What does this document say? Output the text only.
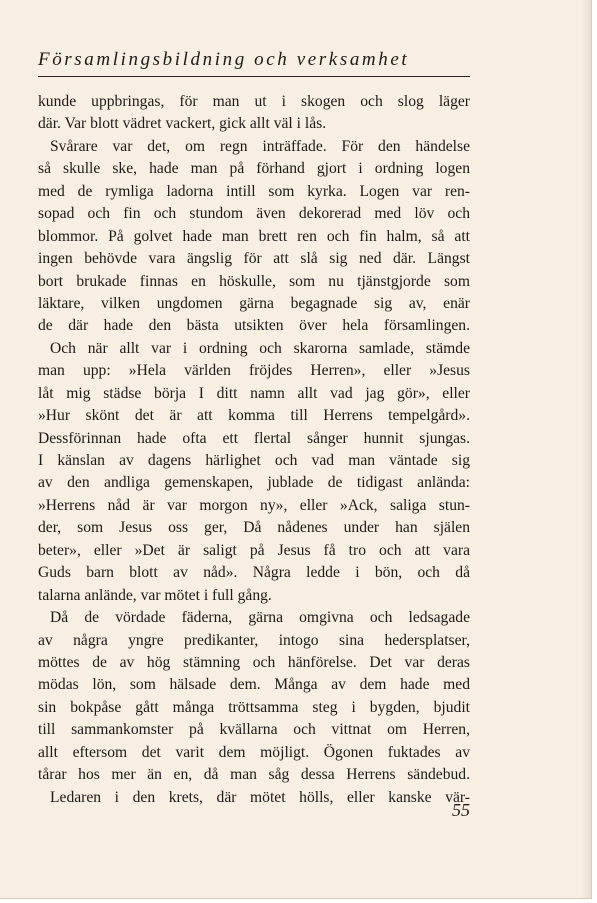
Församlingsbildning och verksamhet
kunde uppbringas, för man ut i skogen och slog läger
där. Var blott vädret vackert, gick allt väl i lås.
Svårare var det, om regn inträffade. För den händelse
så skulle ske, hade man på förhand gjort i ordning logen
med de rymliga ladorna intill som kyrka. Logen var ren-
sopad och fin och stundom även dekorerad med löv och
blommor. På golvet hade man brett ren och fin halm, så att
ingen behövde vara ängslig för att slå sig ned där. Längst
bort brukade finnas en höskulle, som nu tjänstgjorde som
läktare, vilken ungdomen gärna begagnade sig av, enär
de där hade den bästa utsikten över hela församlingen.
Och när allt var i ordning och skarorna samlade, stämde
man upp: »Hela världen fröjdes Herren», eller »Jesus
låt mig städse börja I ditt namn allt vad jag gör», eller
»Hur skönt det är att komma till Herrens tempelgård».
Dessförinnan hade ofta ett flertal sånger hunnit sjungas.
I känslan av dagens härlighet och vad man väntade sig
av den andliga gemenskapen, jublade de tidigast anlända:
»Herrens nåd är var morgon ny», eller »Ack, saliga stun-
der, som Jesus oss ger, Då nådenes under han själen
beter», eller »Det är saligt på Jesus få tro och att vara
Guds barn blott av nåd». Några ledde i bön, och då
talarna anlände, var mötet i full gång.
Då de vördade fäderna, gärna omgivna och ledsagade
av några yngre predikanter, intogo sina hedersplatser,
möttes de av hög stämning och hänförelse. Det var deras
mödas lön, som hälsade dem. Många av dem hade med
sin bokpåse gått många tröttsamma steg i bygden, bjudit
till sammankomster på kvällarna och vittnat om Herren,
allt eftersom det varit dem möjligt. Ögonen fuktades av
tårar hos mer än en, då man såg dessa Herrens sändebud.
Ledaren i den krets, där mötet hölls, eller kanske vär-
55
